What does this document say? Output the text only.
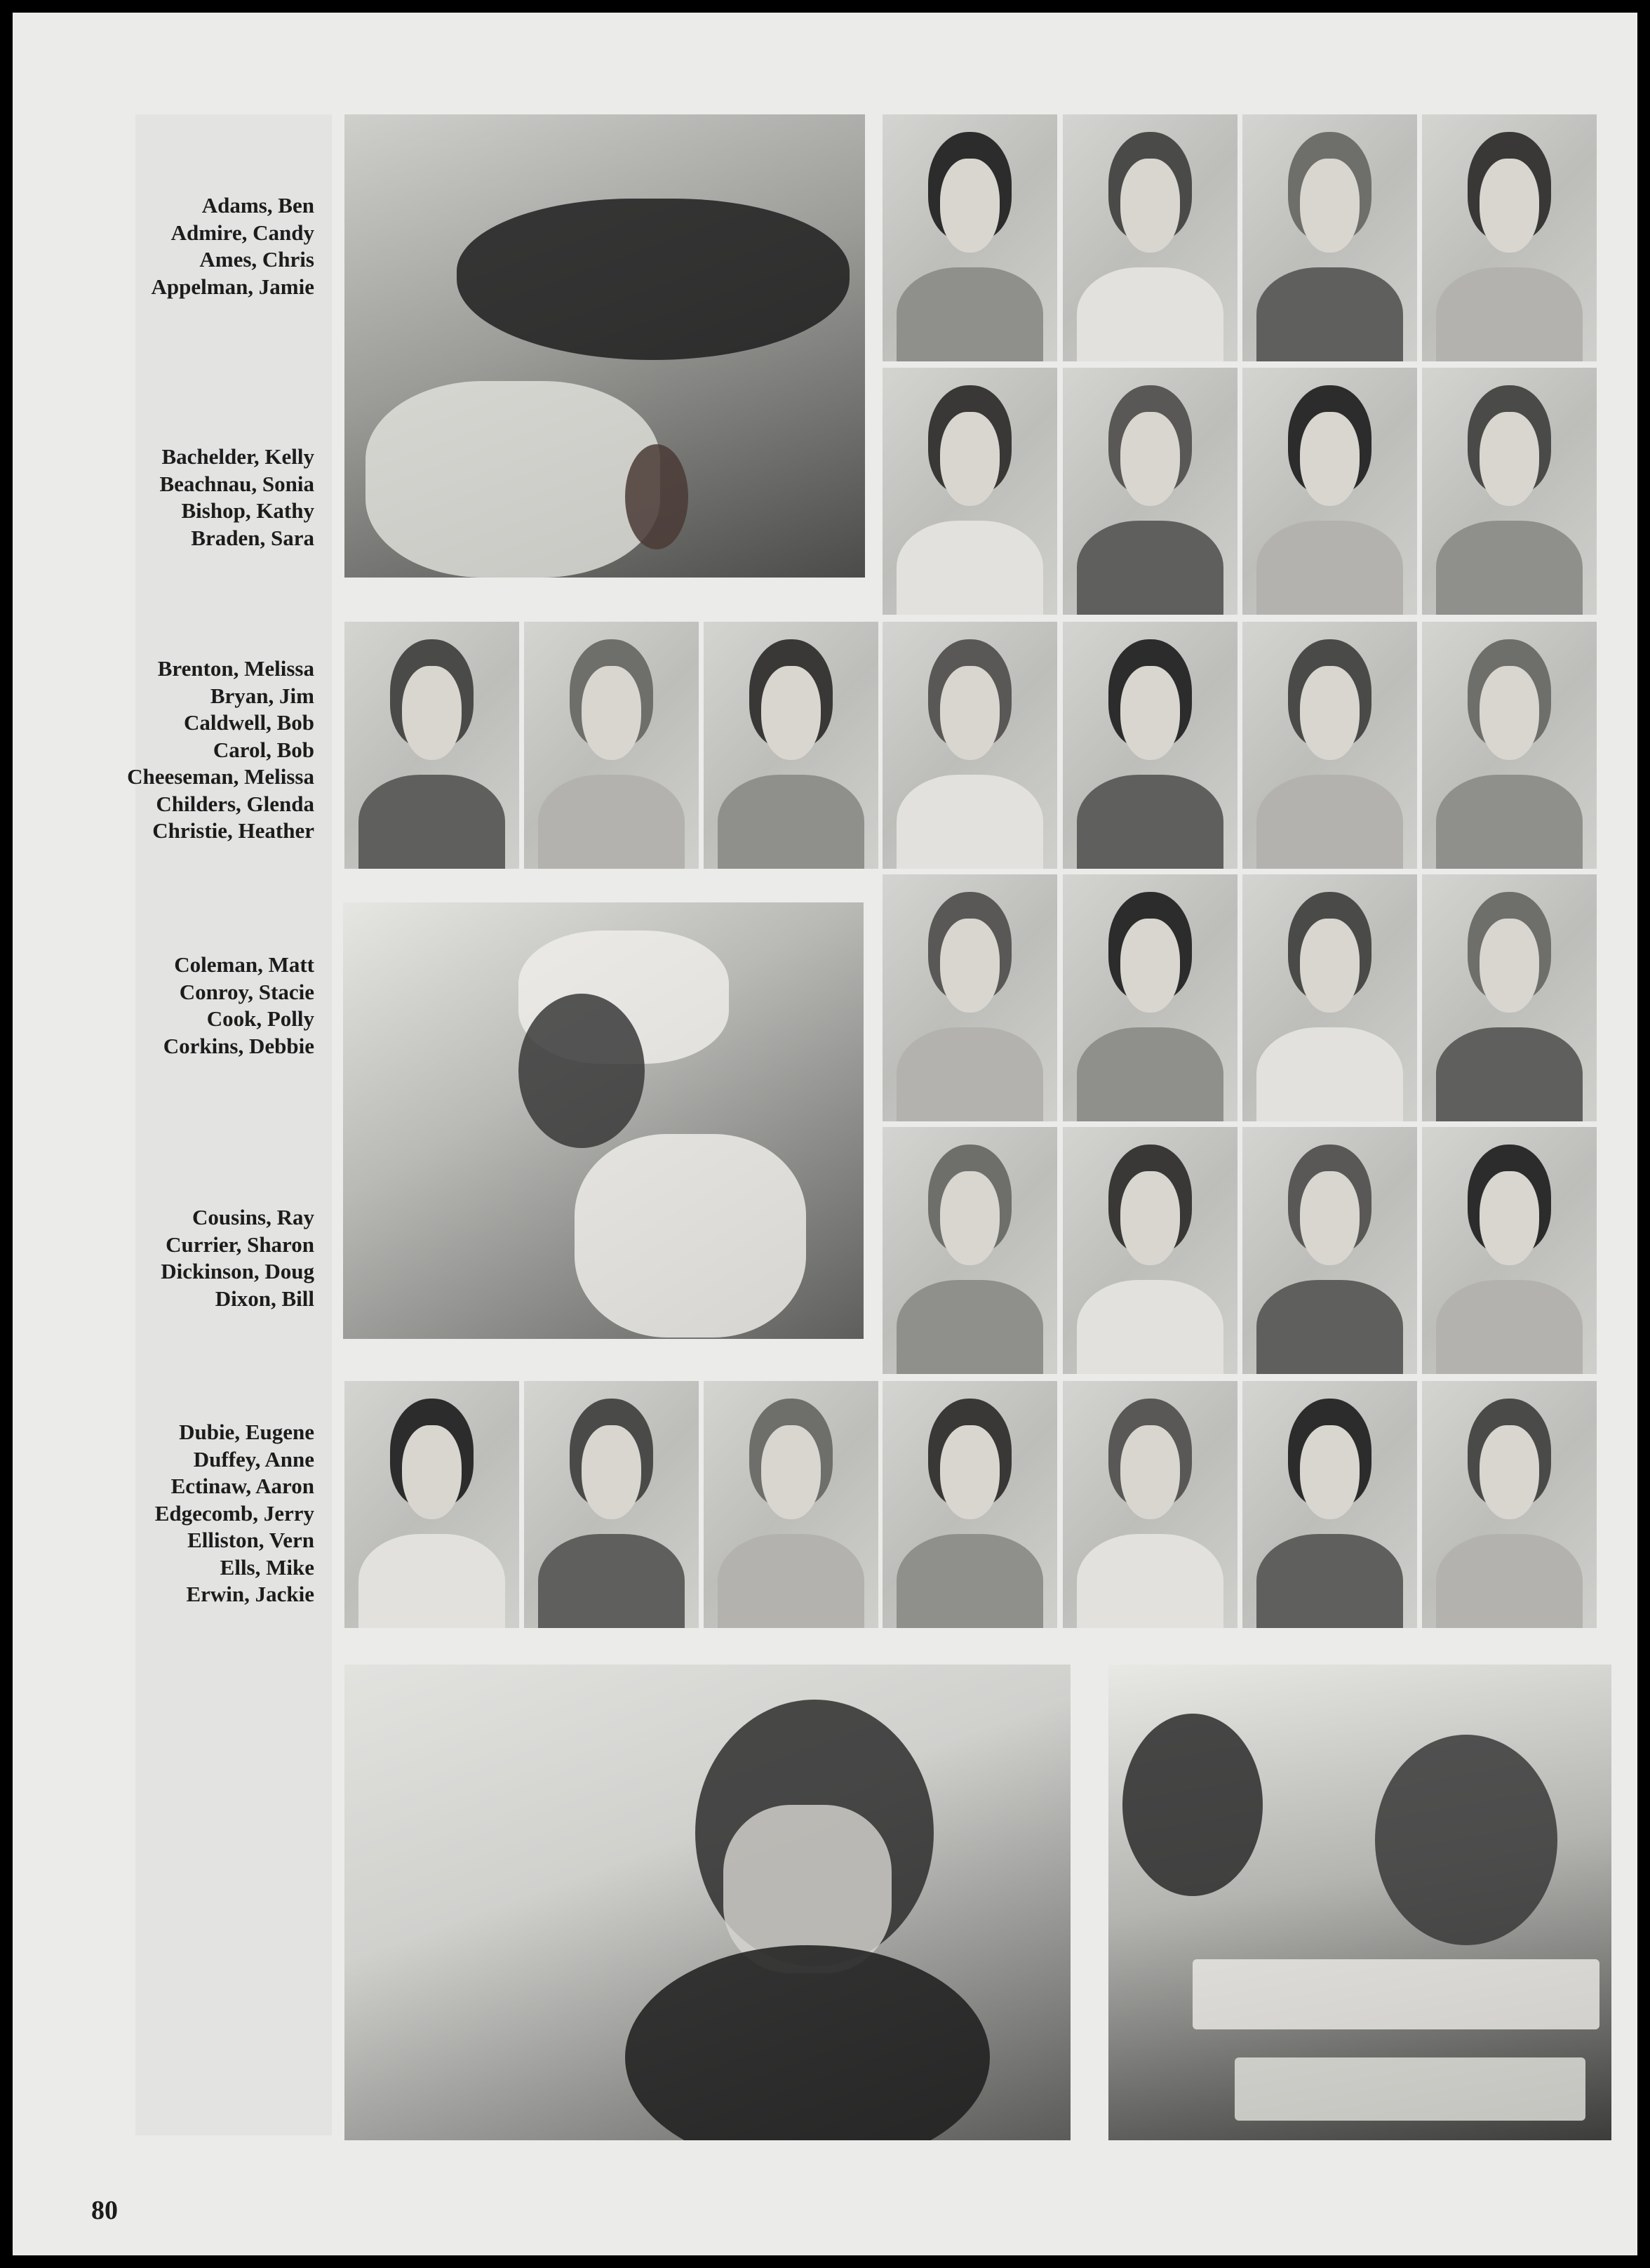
Adams, Ben
Admire, Candy
Ames, Chris
Appelman, Jamie
Bachelder, Kelly
Beachnau, Sonia
Bishop, Kathy
Braden, Sara
Brenton, Melissa
Bryan, Jim
Caldwell, Bob
Carol, Bob
Cheeseman, Melissa
Childers, Glenda
Christie, Heather
Coleman, Matt
Conroy, Stacie
Cook, Polly
Corkins, Debbie
Cousins, Ray
Currier, Sharon
Dickinson, Doug
Dixon, Bill
Dubie, Eugene
Duffey, Anne
Ectinaw, Aaron
Edgecomb, Jerry
Elliston, Vern
Ells, Mike
Erwin, Jackie
80
